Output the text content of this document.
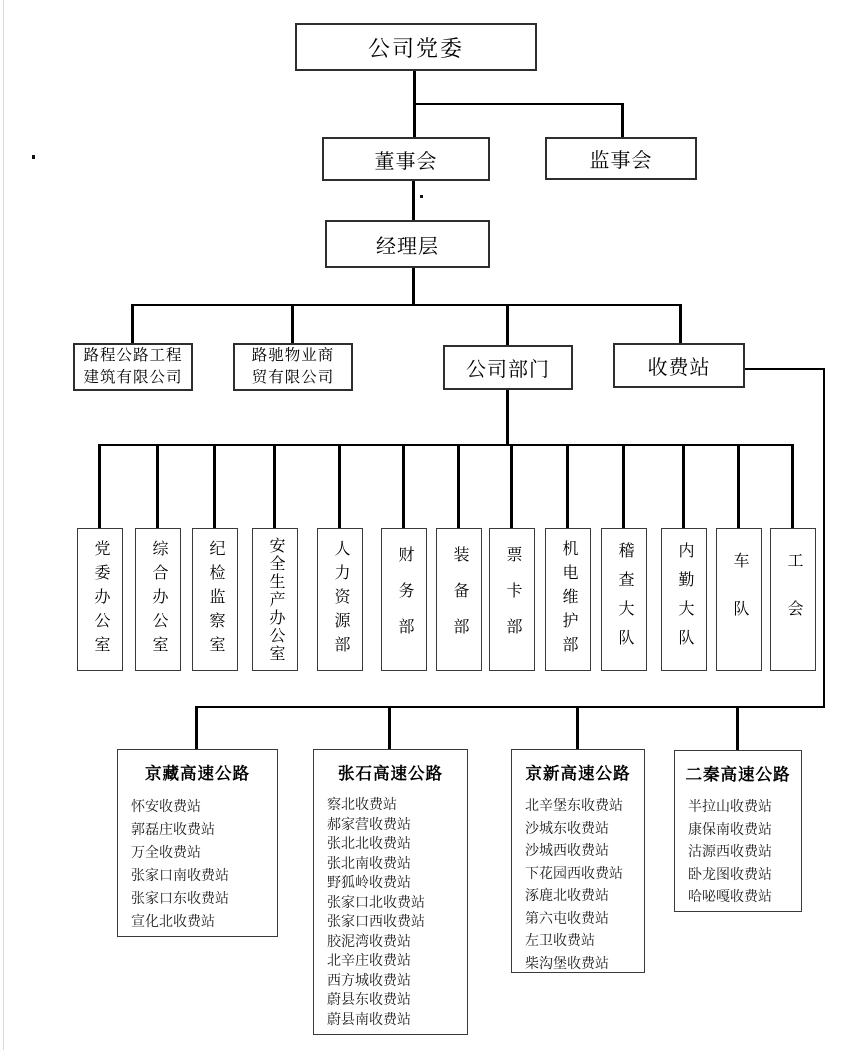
公司党委
董事会	监事会
经理层
路程公路工程
建筑有限公司
路驰物业商
贸有限公司	公司部门	收费站
党委办公室	综合办公室	纪检监察室	安全生产办公室	人力资源部	财务部 装备部 票卡部 机电维护部 稽查大队	内勤大队 车队 工会
京藏高速公路
怀安收费站
郭磊庄收费站
万全收费站
张家口南收费站
张家口东收费站
宣化北收费站
张石高速公路
察北收费站
郝家营收费站
张北北收费站
张北南收费站
野狐岭收费站
张家口北收费站
张家口西收费站
胶泥湾收费站
北辛庄收费站
西方城收费站
蔚县东收费站
蔚县南收费站
京新高速公路
北辛堡东收费站
沙城东收费站
沙城西收费站
下花园西收费站
涿鹿北收费站
第六屯收费站
左卫收费站
柴沟堡收费站
二秦高速公路
半拉山收费站
康保南收费站
沽源西收费站
卧龙图收费站
哈咇嘎收费站
